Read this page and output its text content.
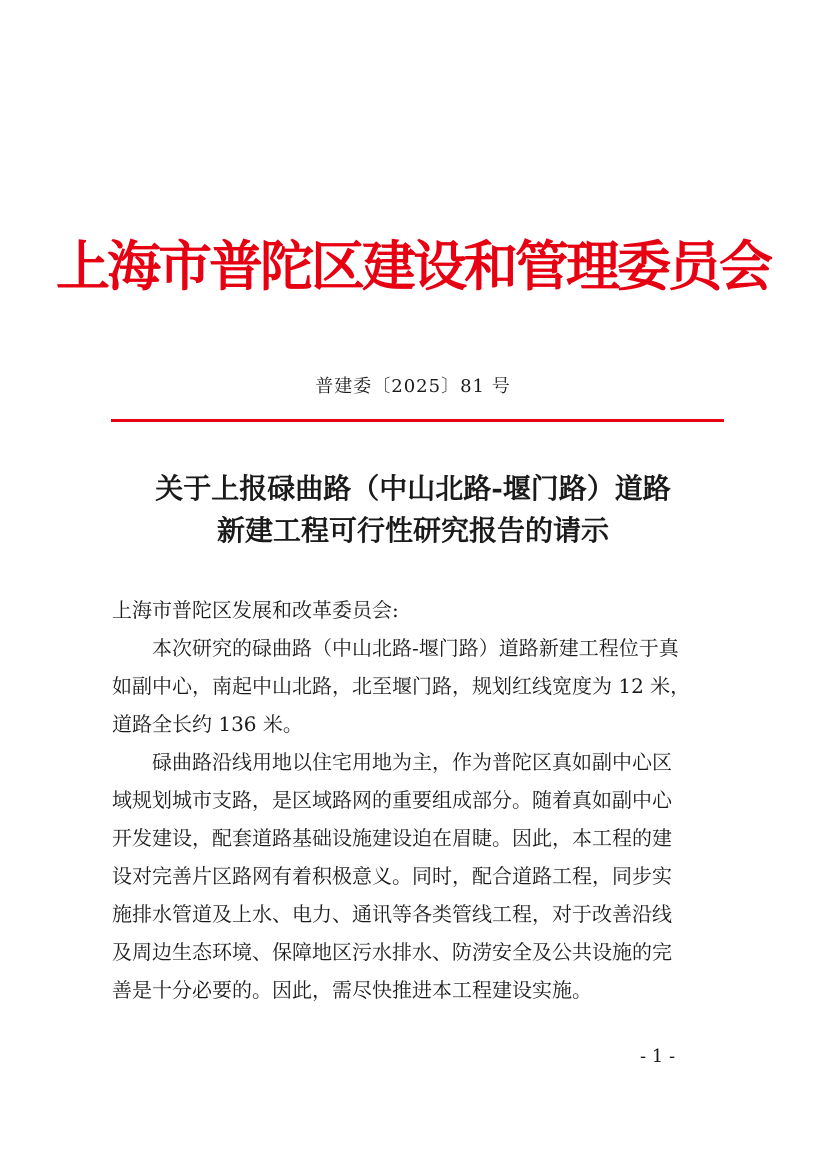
上海市普陀区建设和管理委员会
普建委〔2025〕81 号
关于上报碌曲路（中山北路-堰门路）道路
新建工程可行性研究报告的请示
上海市普陀区发展和改革委员会:
本次研究的碌曲路（中山北路-堰门路）道路新建工程位于真
如副中心，南起中山北路，北至堰门路，规划红线宽度为 12 米，
道路全长约 136 米。
碌曲路沿线用地以住宅用地为主，作为普陀区真如副中心区
域规划城市支路，是区域路网的重要组成部分。随着真如副中心
开发建设，配套道路基础设施建设迫在眉睫。因此，本工程的建
设对完善片区路网有着积极意义。同时，配合道路工程，同步实
施排水管道及上水、电力、通讯等各类管线工程，对于改善沿线
及周边生态环境、保障地区污水排水、防涝安全及公共设施的完
善是十分必要的。因此，需尽快推进本工程建设实施。
- 1 -
